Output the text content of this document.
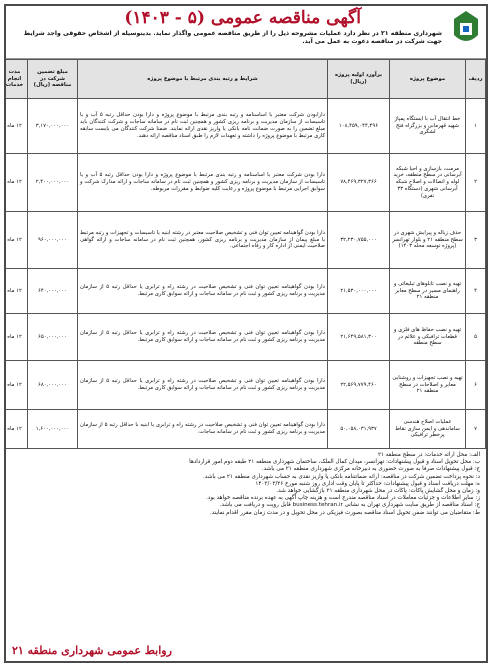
آگهی مناقصه عمومی (۵ - ۱۴۰۳)
شهرداری منطقه ۲۱ در نظر دارد عملیات مشروحه ذیل را از طریق مناقصه عمومی واگذار نماید. بدینوسیله از اشخاص حقوقی واجد شرایط جهت شرکت در مناقصه دعوت به عمل می آید.
ردیف	موضوع پروژه	برآورد اولیه پروژه (ریال)	شرایط و رتبه بندی مرتبط با موضوع پروژه	مبلغ تضمین شرکت در مناقصه (ریال)	مدت انجام خدمات
۱	خط انتقال آب با ایستگاه پمپاژ شهید قهرمانی و بزرگراه فتح لشگری	۱۰۸,۴۵۹,۰۴۴,۴۹۶	دارابودن شرکت معتبر با اساسنامه و رتبه بندی مرتبط با موضوع پروژه و دارا بودن حداقل رتبه ۵ آب و یا تاسیسات از سازمان مدیریت و برنامه ریزی کشور و همچنین ثبت نام در سامانه ساجات و شرکت کنندگان باید مبلغ تضمین را به صورت ضمانت نامه بانکی یا واریز نقدی ارائه نمایند. ضمنا شرکت کنندگان می بایست سابقه کاری مرتبط با موضوع پروژه را داشته و تعهدات لازم را طبق اسناد مناقصه ارائه دهند.	۳,۱۷۰,۰۰۰,۰۰۰	۱۲ ماه
۲	مرمت، بازسازی و احیا شبکه آبرسانی در سطح منطقه، خرید لوله و اتصالات و اصلاح شبکه آبرسانی شهری (دستگاه ۳۳ نفری)	۷۸,۴۶۹,۳۲۷,۳۶۶	دارا بودن شرکت معتبر با اساسنامه و رتبه بندی مرتبط با موضوع پروژه و دارا بودن حداقل رتبه ۵ آب و یا تاسیسات از سازمان مدیریت و برنامه ریزی کشور و همچنین ثبت نام در سامانه ساجات و ارائه مدارک شرکت و سوابق اجرایی مرتبط با موضوع پروژه و رعایت کلیه ضوابط و مقررات مربوطه.	۲,۴۰۰,۰۰۰,۰۰۰	۱۲ ماه
۳	حذف زباله و پیرایش شهری در سطح منطقه ۲۱ و بلوار تهرانسر (پروژه توسعه محله ۱۴۰۳)	۳۲,۲۳۰,۷۵۵,۰۰۰	دارا بودن گواهینامه تعیین توان فنی و تشخیص صلاحیت معتبر در رشته ابنیه یا تاسیسات و تجهیزات و رتبه مرتبط با مبلغ پیمان از سازمان مدیریت و برنامه ریزی کشور، همچنین ثبت نام در سامانه ساجات و ارائه گواهی صلاحیت ایمنی از اداره کار و رفاه اجتماعی.	۹۶۰,۰۰۰,۰۰۰	۱۲ ماه
۴	تهیه و نصب تابلوهای تبلیغاتی و راهنمای مسیر در سطح معابر منطقه ۲۱	۲۱,۵۳۰,۰۰۰,۰۰۰	دارا بودن گواهینامه تعیین توان فنی و تشخیص صلاحیت در رشته راه و ترابری یا حداقل رتبه ۵ از سازمان مدیریت و برنامه ریزی کشور و ثبت نام در سامانه ساجات و ارائه سوابق کاری مرتبط.	۶۴۰,۰۰۰,۰۰۰	۱۲ ماه
۵	تهیه و نصب حفاظ های فلزی و قطعات ترافیکی و علائم در سطح منطقه	۲۱,۶۴۹,۵۸۱,۳۰۰	دارا بودن گواهینامه تعیین توان فنی و تشخیص صلاحیت در رشته راه و ترابری یا حداقل رتبه ۵ از سازمان مدیریت و برنامه ریزی کشور و ثبت نام در سامانه ساجات و ارائه سوابق کاری مرتبط.	۶۵۰,۰۰۰,۰۰۰	۱۲ ماه
۶	تهیه و نصب تجهیزات و روشنایی معابر و اصلاحات در سطح منطقه ۲۱	۲۲,۵۶۹,۷۷۹,۴۶۰	دارا بودن گواهینامه تعیین توان فنی و تشخیص صلاحیت در رشته راه و ترابری یا حداقل رتبه ۵ از سازمان مدیریت و برنامه ریزی کشور و ثبت نام در سامانه ساجات و ارائه سوابق کاری مرتبط.	۶۸۰,۰۰۰,۰۰۰	۱۲ ماه
۷	عملیات اصلاح هندسی ساماندهی و ایمن سازی نقاط پرخطر ترافیکی	۵۰,۰۵۸,۰۳۱,۹۳۷	دارا بودن گواهینامه تعیین توان فنی و تشخیص صلاحیت در رشته راه و ترابری یا ابنیه با حداقل رتبه ۵ از سازمان مدیریت و برنامه ریزی کشور و ثبت نام در سامانه ساجات.	۱,۶۰۰,۰۰۰,۰۰۰	۱۲ ماه

الف: محل ارائه خدمات: در سطح منطقه ۲۱

ب: محل تحویل اسناد و قبول پیشنهادات: تهرانسر، میدان کمال الملک، ساختمان شهرداری منطقه ۲۱ طبقه دوم امور قراردادها

ج: قبول پیشنهادات صرفا به صورت حضوری به دبیرخانه مرکزی شهرداری منطقه ۲۱ می باشد.

د: نحوه پرداخت تضمین شرکت در مناقصه: ارائه ضمانتنامه بانکی یا واریز نقدی به حساب شهرداری منطقه ۲۱ می باشد.

ه: مهلت دریافت اسناد و قبول پیشنهادات: حداکثر تا پایان وقت اداری روز شنبه مورخ ۱۴۰۳/۰۳/۲۶

و: زمان و محل گشایش پاکات: پاکات در محل شهرداری منطقه ۲۱ بازگشایی خواهد شد.

ز: سایر اطلاعات و جزئیات معاملات در اسناد مناقصه مندرج است و هزینه چاپ آگهی به عهده برنده مناقصه خواهد بود.

ح: اسناد مناقصه از طریق سایت شهرداری تهران به نشانی business.tehran.ir قابل رویت و دریافت می باشد.

ط: متقاضیان می توانند ضمن تحویل اسناد مناقصه بصورت فیزیکی در محل تحویل و در مدت زمان مقرر اقدام نمایند.

روابط عمومی شهرداری منطقه ۲۱
